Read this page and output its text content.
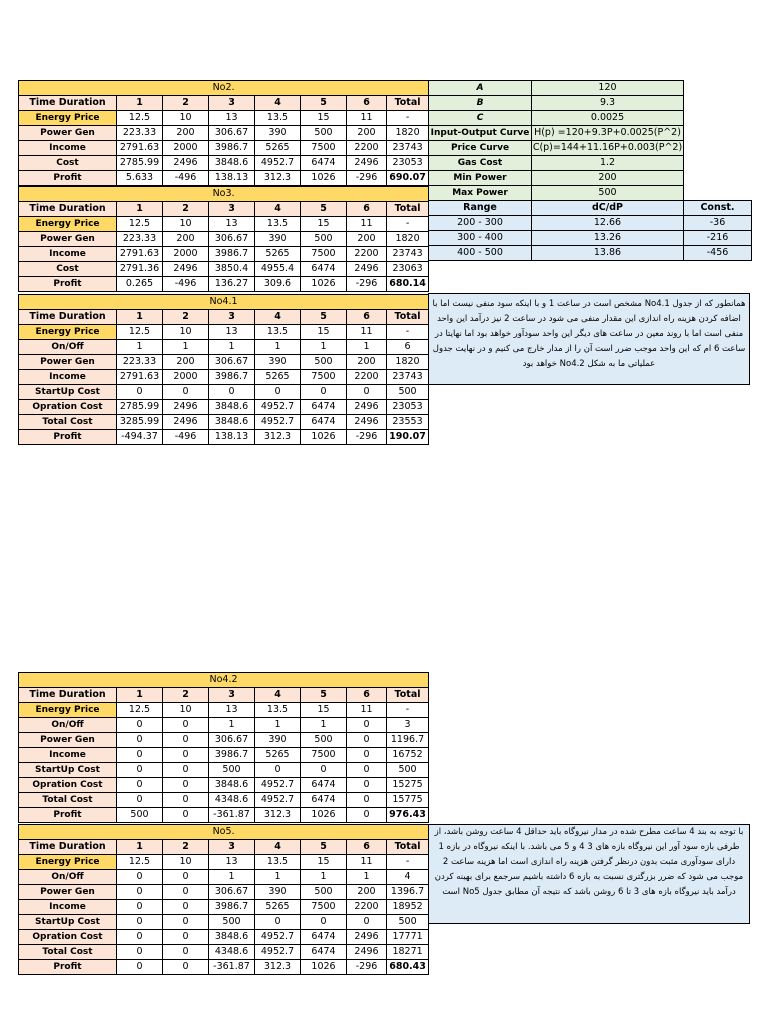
No2.							
Time Duration	1	2	3	4	5	6	Total
Energy Price	12.5	10	13	13.5	15	11	-
Power Gen	223.33	200	306.67	390	500	200	1820
Income	2791.63	2000	3986.7	5265	7500	2200	23743
Cost	2785.99	2496	3848.6	4952.7	6474	2496	23053
Profit	5.633	-496	138.13	312.3	1026	-296	690.07
No3.							
Time Duration	1	2	3	4	5	6	Total
Energy Price	12.5	10	13	13.5	15	11	-
Power Gen	223.33	200	306.67	390	500	200	1820
Income	2791.63	2000	3986.7	5265	7500	2200	23743
Cost	2791.36	2496	3850.4	4955.4	6474	2496	23063
Profit	0.265	-496	136.27	309.6	1026	-296	680.14
No4.1							
Time Duration	1	2	3	4	5	6	Total
Energy Price	12.5	10	13	13.5	15	11	-
On/Off	1	1	1	1	1	1	6
Power Gen	223.33	200	306.67	390	500	200	1820
Income	2791.63	2000	3986.7	5265	7500	2200	23743
StartUp Cost	0	0	0	0	0	0	500
Opration Cost	2785.99	2496	3848.6	4952.7	6474	2496	23053
Total Cost	3285.99	2496	3848.6	4952.7	6474	2496	23553
Profit	-494.37	-496	138.13	312.3	1026	-296	190.07
No4.2							
Time Duration	1	2	3	4	5	6	Total
Energy Price	12.5	10	13	13.5	15	11	-
On/Off	0	0	1	1	1	0	3
Power Gen	0	0	306.67	390	500	0	1196.7
Income	0	0	3986.7	5265	7500	0	16752
StartUp Cost	0	0	500	0	0	0	500
Opration Cost	0	0	3848.6	4952.7	6474	0	15275
Total Cost	0	0	4348.6	4952.7	6474	0	15775
Profit	500	0	-361.87	312.3	1026	0	976.43
No5.							
Time Duration	1	2	3	4	5	6	Total
Energy Price	12.5	10	13	13.5	15	11	-
On/Off	0	0	1	1	1	1	4
Power Gen	0	0	306.67	390	500	200	1396.7
Income	0	0	3986.7	5265	7500	2200	18952
StartUp Cost	0	0	500	0	0	0	500
Opration Cost	0	0	3848.6	4952.7	6474	2496	17771
Total Cost	0	0	4348.6	4952.7	6474	2496	18271
Profit	0	0	-361.87	312.3	1026	-296	680.43
A	120	
B	9.3	
C	0.0025	
Input-Output Curve	H(p) =120+9.3P+0.0025(P^2)	
Price Curve	C(p)=144+11.16P+0.003(P^2)	
Gas Cost	1.2	
Min Power	200	
Max Power	500	
Range	dC/dP	Const.
200 - 300	12.66	-36
300 - 400	13.26	-216
400 - 500	13.86	-456
همانطور که از جدول No4.1 مشخص است در ساعت 1 و با اینکه سود منفی نیست اما با اضافه کردن هزینه راه اندازی این مقدار منفی می شود در ساعت 2 نیز درآمد این واحد منفی است اما با روند معین در ساعت های دیگر این واحد سودآور خواهد بود اما نهایتا در ساعت 6 ام که این واحد موجب ضرر است آن را از مدار خارج می کنیم و در نهایت جدول عملیاتی ما به شکل No4.2 خواهد بود
با توجه به بند 4 ساعت مطرح شده در مدار نیروگاه باید حداقل 4 ساعت روشن باشد، از طرفی بازه سود آور این نیروگاه بازه های 3 4 و 5 می باشد. با اینکه نیروگاه در بازه 1 دارای سودآوری مثبت بدون درنظر گرفتن هزینه راه اندازی است اما هزینه ساعت 2 موجب می شود که ضرر بزرگتری نسبت به بازه 6 داشته باشیم سرجمع برای بهینه کردن درآمد باید نیروگاه بازه های 3 تا 6 روشن باشد که نتیجه آن مطابق جدول No5 است
